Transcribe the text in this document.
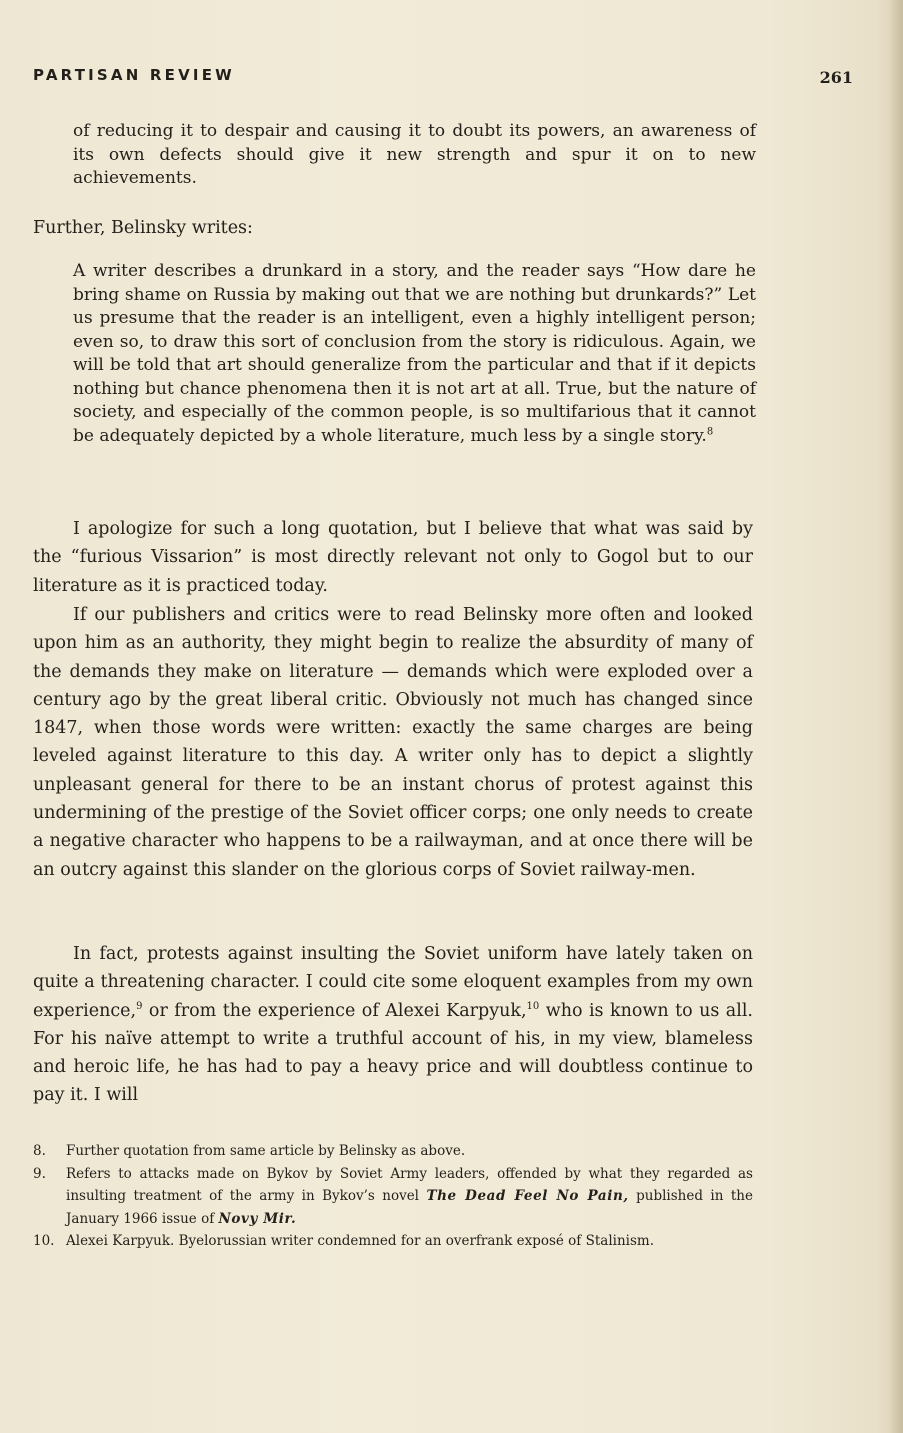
PARTISAN REVIEW	261

of reducing it to despair and causing it to doubt its powers, an awareness of its own defects should give it new strength and spur it on to new achievements.

Further, Belinsky writes:

A writer describes a drunkard in a story, and the reader says “How dare he bring shame on Russia by making out that we are nothing but drunkards?” Let us presume that the reader is an intelligent, even a highly intelligent person; even so, to draw this sort of conclusion from the story is ridiculous. Again, we will be told that art should generalize from the particular and that if it depicts nothing but chance phenomena then it is not art at all. True, but the nature of society, and especially of the common people, is so multifarious that it cannot be adequately depicted by a whole literature, much less by a single story.$^8$

I apologize for such a long quotation, but I believe that what was said by the “furious Vissarion” is most directly relevant not only to Gogol but to our literature as it is practiced today.

If our publishers and critics were to read Belinsky more often and looked upon him as an authority, they might begin to realize the absurdity of many of the demands they make on literature — demands which were exploded over a century ago by the great liberal critic. Obviously not much has changed since 1847, when those words were written: exactly the same charges are being leveled against literature to this day. A writer only has to depict a slightly unpleasant general for there to be an instant chorus of protest against this undermining of the prestige of the Soviet officer corps; one only needs to create a negative character who happens to be a railwayman, and at once there will be an outcry against this slander on the glorious corps of Soviet railway-men.

In fact, protests against insulting the Soviet uniform have lately taken on quite a threatening character. I could cite some eloquent examples from my own experience,$^9$ or from the experience of Alexei Karpyuk,$^{10}$ who is known to us all. For his naïve attempt to write a truthful account of his, in my view, blameless and heroic life, he has had to pay a heavy price and will doubtless continue to pay it. I will

8. Further quotation from same article by Belinsky as above.
9. Refers to attacks made on Bykov by Soviet Army leaders, offended by what they regarded as insulting treatment of the army in Bykov’s novel The Dead Feel No Pain, published in the January 1966 issue of Novy Mir.
10. Alexei Karpyuk. Byelorussian writer condemned for an overfrank exposé of Stalinism.
